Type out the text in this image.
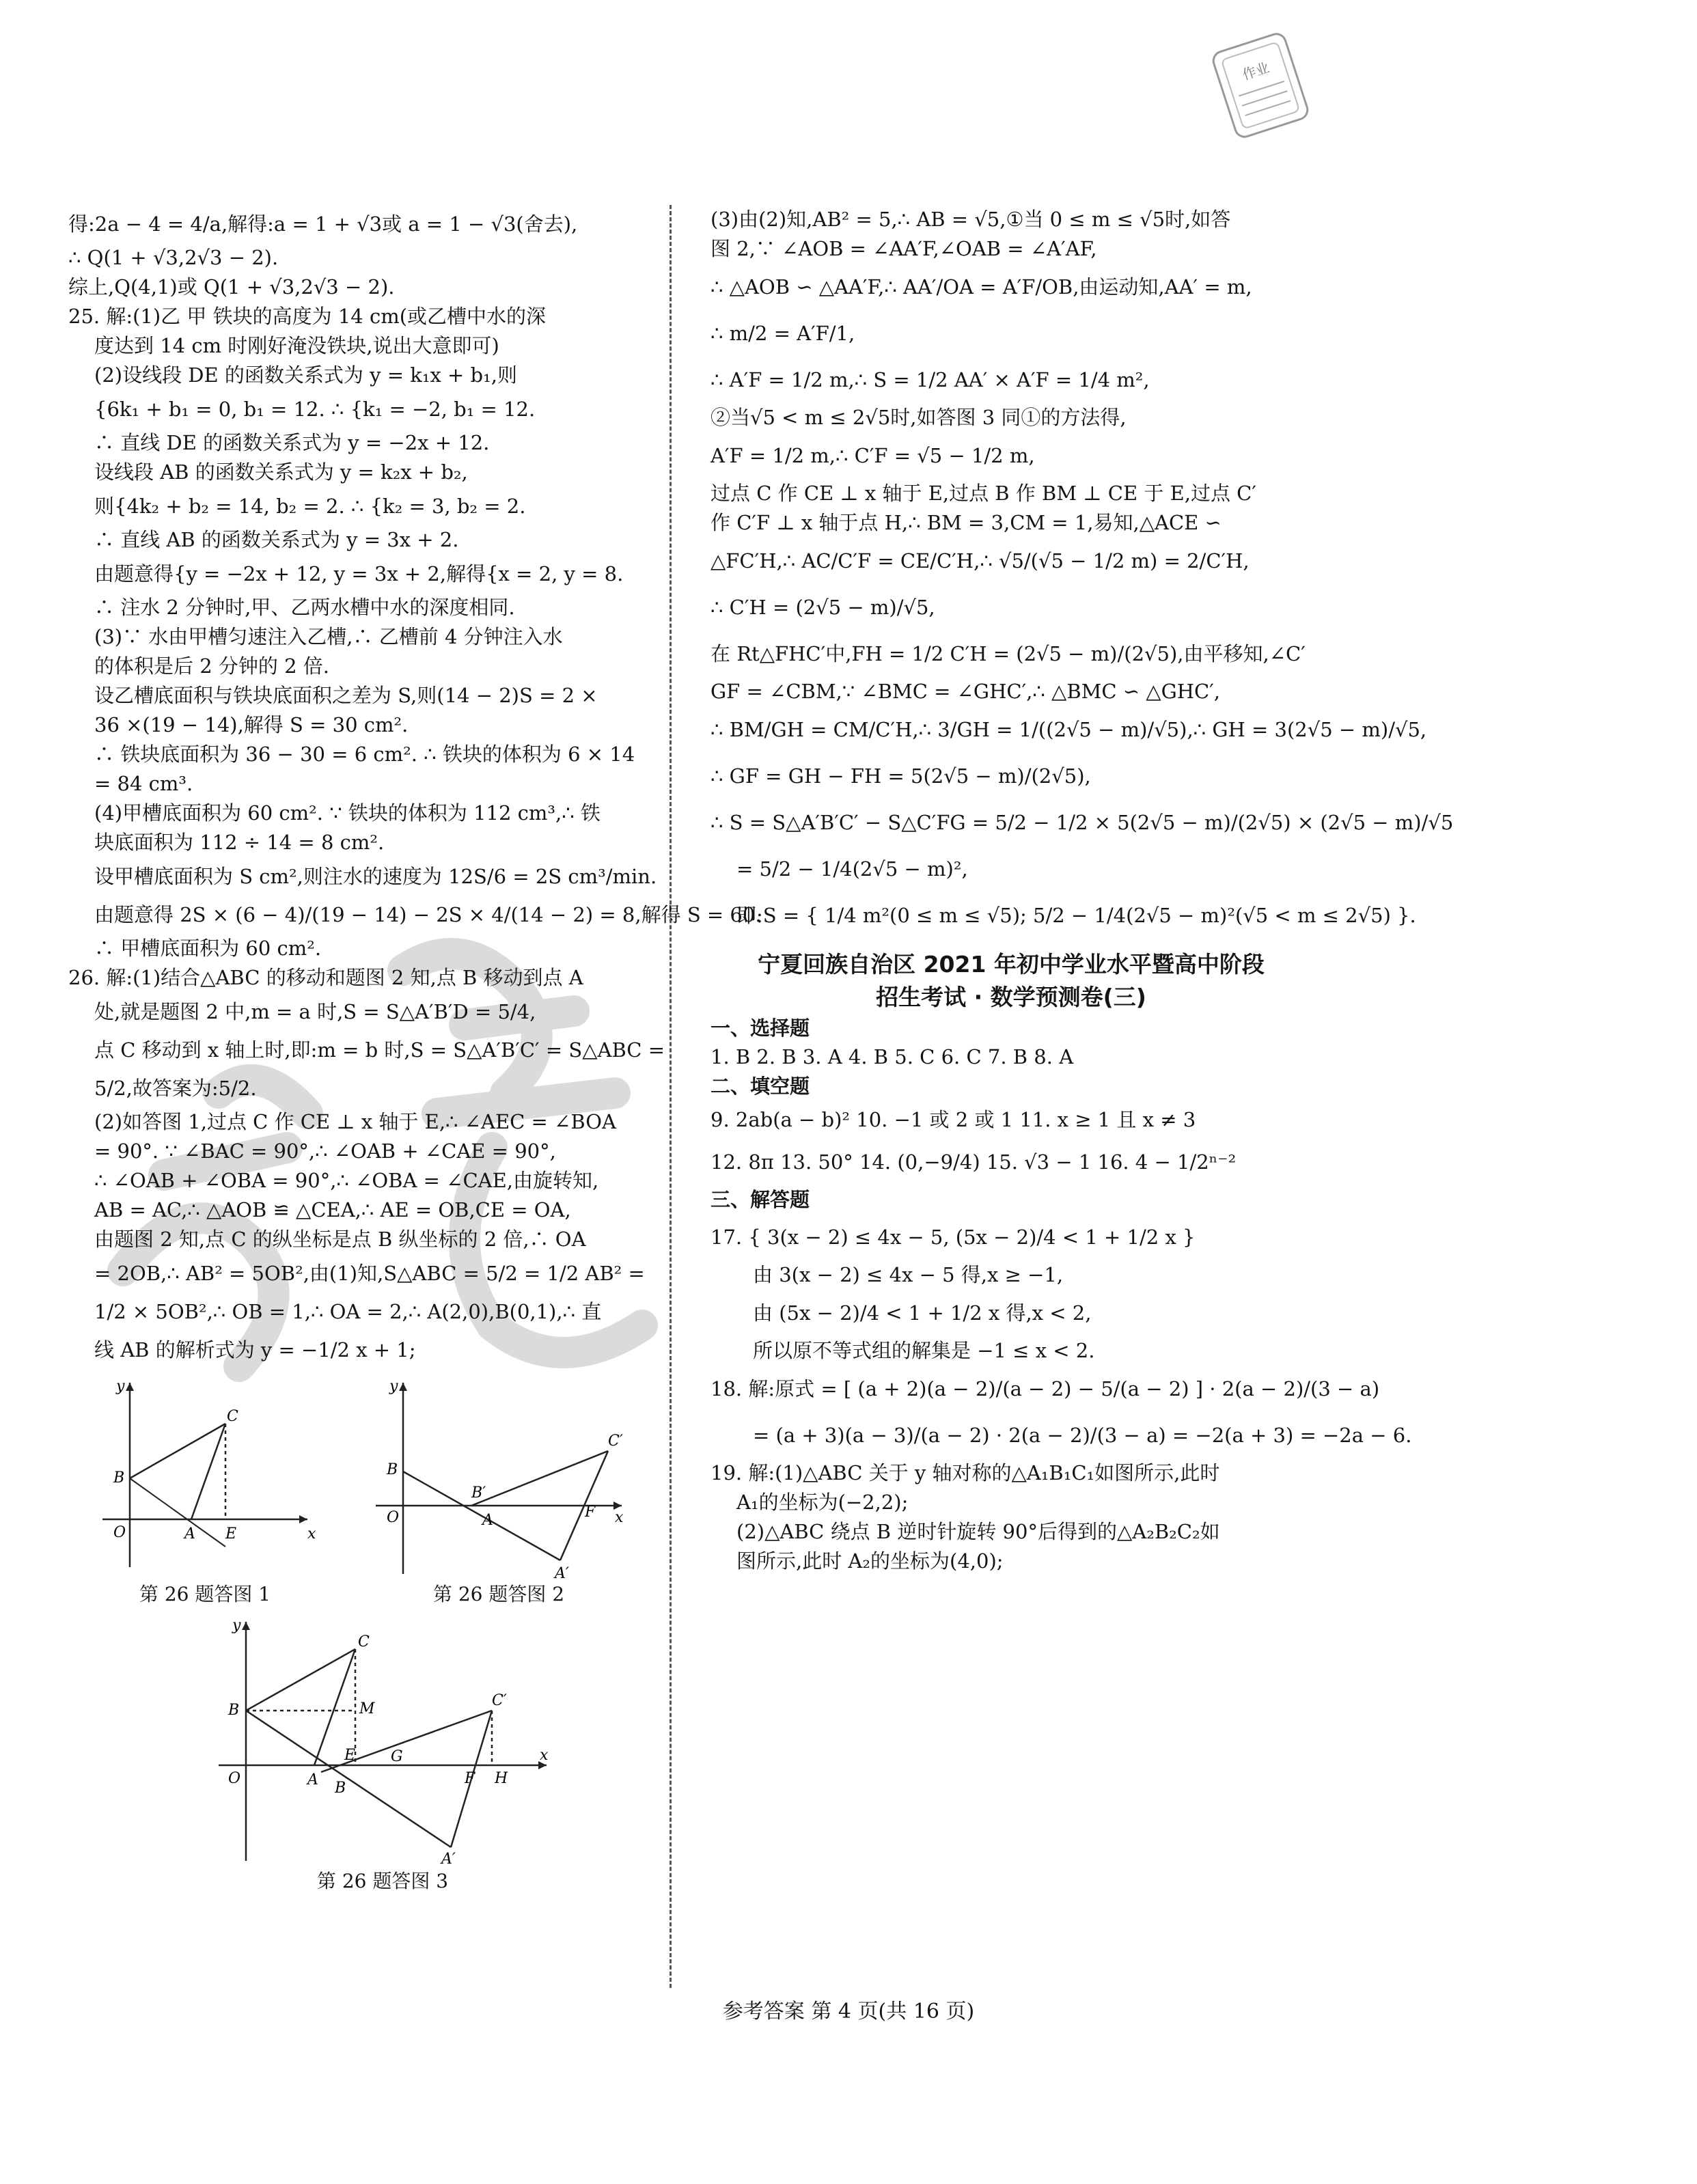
作业
得:2a − 4 = 4/a,解得:a = 1 + √3或 a = 1 − √3(舍去),
∴ Q(1 + √3,2√3 − 2).
综上,Q(4,1)或 Q(1 + √3,2√3 − 2).
25. 解:(1)乙 甲 铁块的高度为 14 cm(或乙槽中水的深
度达到 14 cm 时刚好淹没铁块,说出大意即可)
(2)设线段 DE 的函数关系式为 y = k₁x + b₁,则
{6k₁ + b₁ = 0, b₁ = 12. ∴ {k₁ = −2, b₁ = 12.
∴ 直线 DE 的函数关系式为 y = −2x + 12.
设线段 AB 的函数关系式为 y = k₂x + b₂,
则{4k₂ + b₂ = 14, b₂ = 2. ∴ {k₂ = 3, b₂ = 2.
∴ 直线 AB 的函数关系式为 y = 3x + 2.
由题意得{y = −2x + 12, y = 3x + 2,解得{x = 2, y = 8.
∴ 注水 2 分钟时,甲、乙两水槽中水的深度相同.
(3)∵ 水由甲槽匀速注入乙槽,∴ 乙槽前 4 分钟注入水
的体积是后 2 分钟的 2 倍.
设乙槽底面积与铁块底面积之差为 S,则(14 − 2)S = 2 ×
36 ×(19 − 14),解得 S = 30 cm².
∴ 铁块底面积为 36 − 30 = 6 cm². ∴ 铁块的体积为 6 × 14
= 84 cm³.
(4)甲槽底面积为 60 cm². ∵ 铁块的体积为 112 cm³,∴ 铁
块底面积为 112 ÷ 14 = 8 cm².
设甲槽底面积为 S cm²,则注水的速度为 12S/6 = 2S cm³/min.
由题意得 2S × (6 − 4)/(19 − 14) − 2S × 4/(14 − 2) = 8,解得 S = 60.
∴ 甲槽底面积为 60 cm².
26. 解:(1)结合△ABC 的移动和题图 2 知,点 B 移动到点 A
处,就是题图 2 中,m = a 时,S = S△A′B′D = 5/4,
点 C 移动到 x 轴上时,即:m = b 时,S = S△A′B′C′ = S△ABC =
5/2,故答案为:5/2.
(2)如答图 1,过点 C 作 CE ⊥ x 轴于 E,∴ ∠AEC = ∠BOA
= 90°. ∵ ∠BAC = 90°,∴ ∠OAB + ∠CAE = 90°,
∴ ∠OAB + ∠OBA = 90°,∴ ∠OBA = ∠CAE,由旋转知,
AB = AC,∴ △AOB ≌ △CEA,∴ AE = OB,CE = OA,
由题图 2 知,点 C 的纵坐标是点 B 纵坐标的 2 倍,∴ OA
= 2OB,∴ AB² = 5OB²,由(1)知,S△ABC = 5/2 = 1/2 AB² =
1/2 × 5OB²,∴ OB = 1,∴ OA = 2,∴ A(2,0),B(0,1),∴ 直
线 AB 的解析式为 y = −1/2 x + 1;
y
x
O
B
C
A E
第 26 题答图 1
y
x
O
B
B′
A	F
C′
A′
第 26 题答图 2
y
x
O
B
C
M
E G
A B
F H
C′
A′
第 26 题答图 3
(3)由(2)知,AB² = 5,∴ AB = √5,①当 0 ≤ m ≤ √5时,如答
图 2,∵ ∠AOB = ∠AA′F,∠OAB = ∠A′AF,
∴ △AOB ∽ △AA′F,∴ AA′/OA = A′F/OB,由运动知,AA′ = m,
∴ m/2 = A′F/1,
∴ A′F = 1/2 m,∴ S = 1/2 AA′ × A′F = 1/4 m²,
②当√5 < m ≤ 2√5时,如答图 3 同①的方法得,
A′F = 1/2 m,∴ C′F = √5 − 1/2 m,
过点 C 作 CE ⊥ x 轴于 E,过点 B 作 BM ⊥ CE 于 E,过点 C′
作 C′F ⊥ x 轴于点 H,∴ BM = 3,CM = 1,易知,△ACE ∽
△FC′H,∴ AC/C′F = CE/C′H,∴ √5/(√5 − 1/2 m) = 2/C′H,
∴ C′H = (2√5 − m)/√5,
在 Rt△FHC′中,FH = 1/2 C′H = (2√5 − m)/(2√5),由平移知,∠C′
GF = ∠CBM,∵ ∠BMC = ∠GHC′,∴ △BMC ∽ △GHC′,
∴ BM/GH = CM/C′H,∴ 3/GH = 1/((2√5 − m)/√5),∴ GH = 3(2√5 − m)/√5,
∴ GF = GH − FH = 5(2√5 − m)/(2√5),
∴ S = S△A′B′C′ − S△C′FG = 5/2 − 1/2 × 5(2√5 − m)/(2√5) × (2√5 − m)/√5
= 5/2 − 1/4(2√5 − m)²,
即:S = { 1/4 m²(0 ≤ m ≤ √5); 5/2 − 1/4(2√5 − m)²(√5 < m ≤ 2√5) }.
宁夏回族自治区 2021 年初中学业水平暨高中阶段
招生考试 · 数学预测卷(三)
一、选择题
1. B 2. B 3. A 4. B 5. C 6. C 7. B 8. A
二、填空题
9. 2ab(a − b)² 10. −1 或 2 或 1 11. x ≥ 1 且 x ≠ 3
12. 8π 13. 50° 14. (0,−9/4) 15. √3 − 1 16. 4 − 1/2ⁿ⁻²
三、解答题
17. { 3(x − 2) ≤ 4x − 5, (5x − 2)/4 < 1 + 1/2 x }
由 3(x − 2) ≤ 4x − 5 得,x ≥ −1,
由 (5x − 2)/4 < 1 + 1/2 x 得,x < 2,
所以原不等式组的解集是 −1 ≤ x < 2.
18. 解:原式 = [ (a + 2)(a − 2)/(a − 2) − 5/(a − 2) ] · 2(a − 2)/(3 − a)
= (a + 3)(a − 3)/(a − 2) · 2(a − 2)/(3 − a) = −2(a + 3) = −2a − 6.
19. 解:(1)△ABC 关于 y 轴对称的△A₁B₁C₁如图所示,此时
A₁的坐标为(−2,2);
(2)△ABC 绕点 B 逆时针旋转 90°后得到的△A₂B₂C₂如
图所示,此时 A₂的坐标为(4,0);
参考答案 第 4 页(共 16 页)
